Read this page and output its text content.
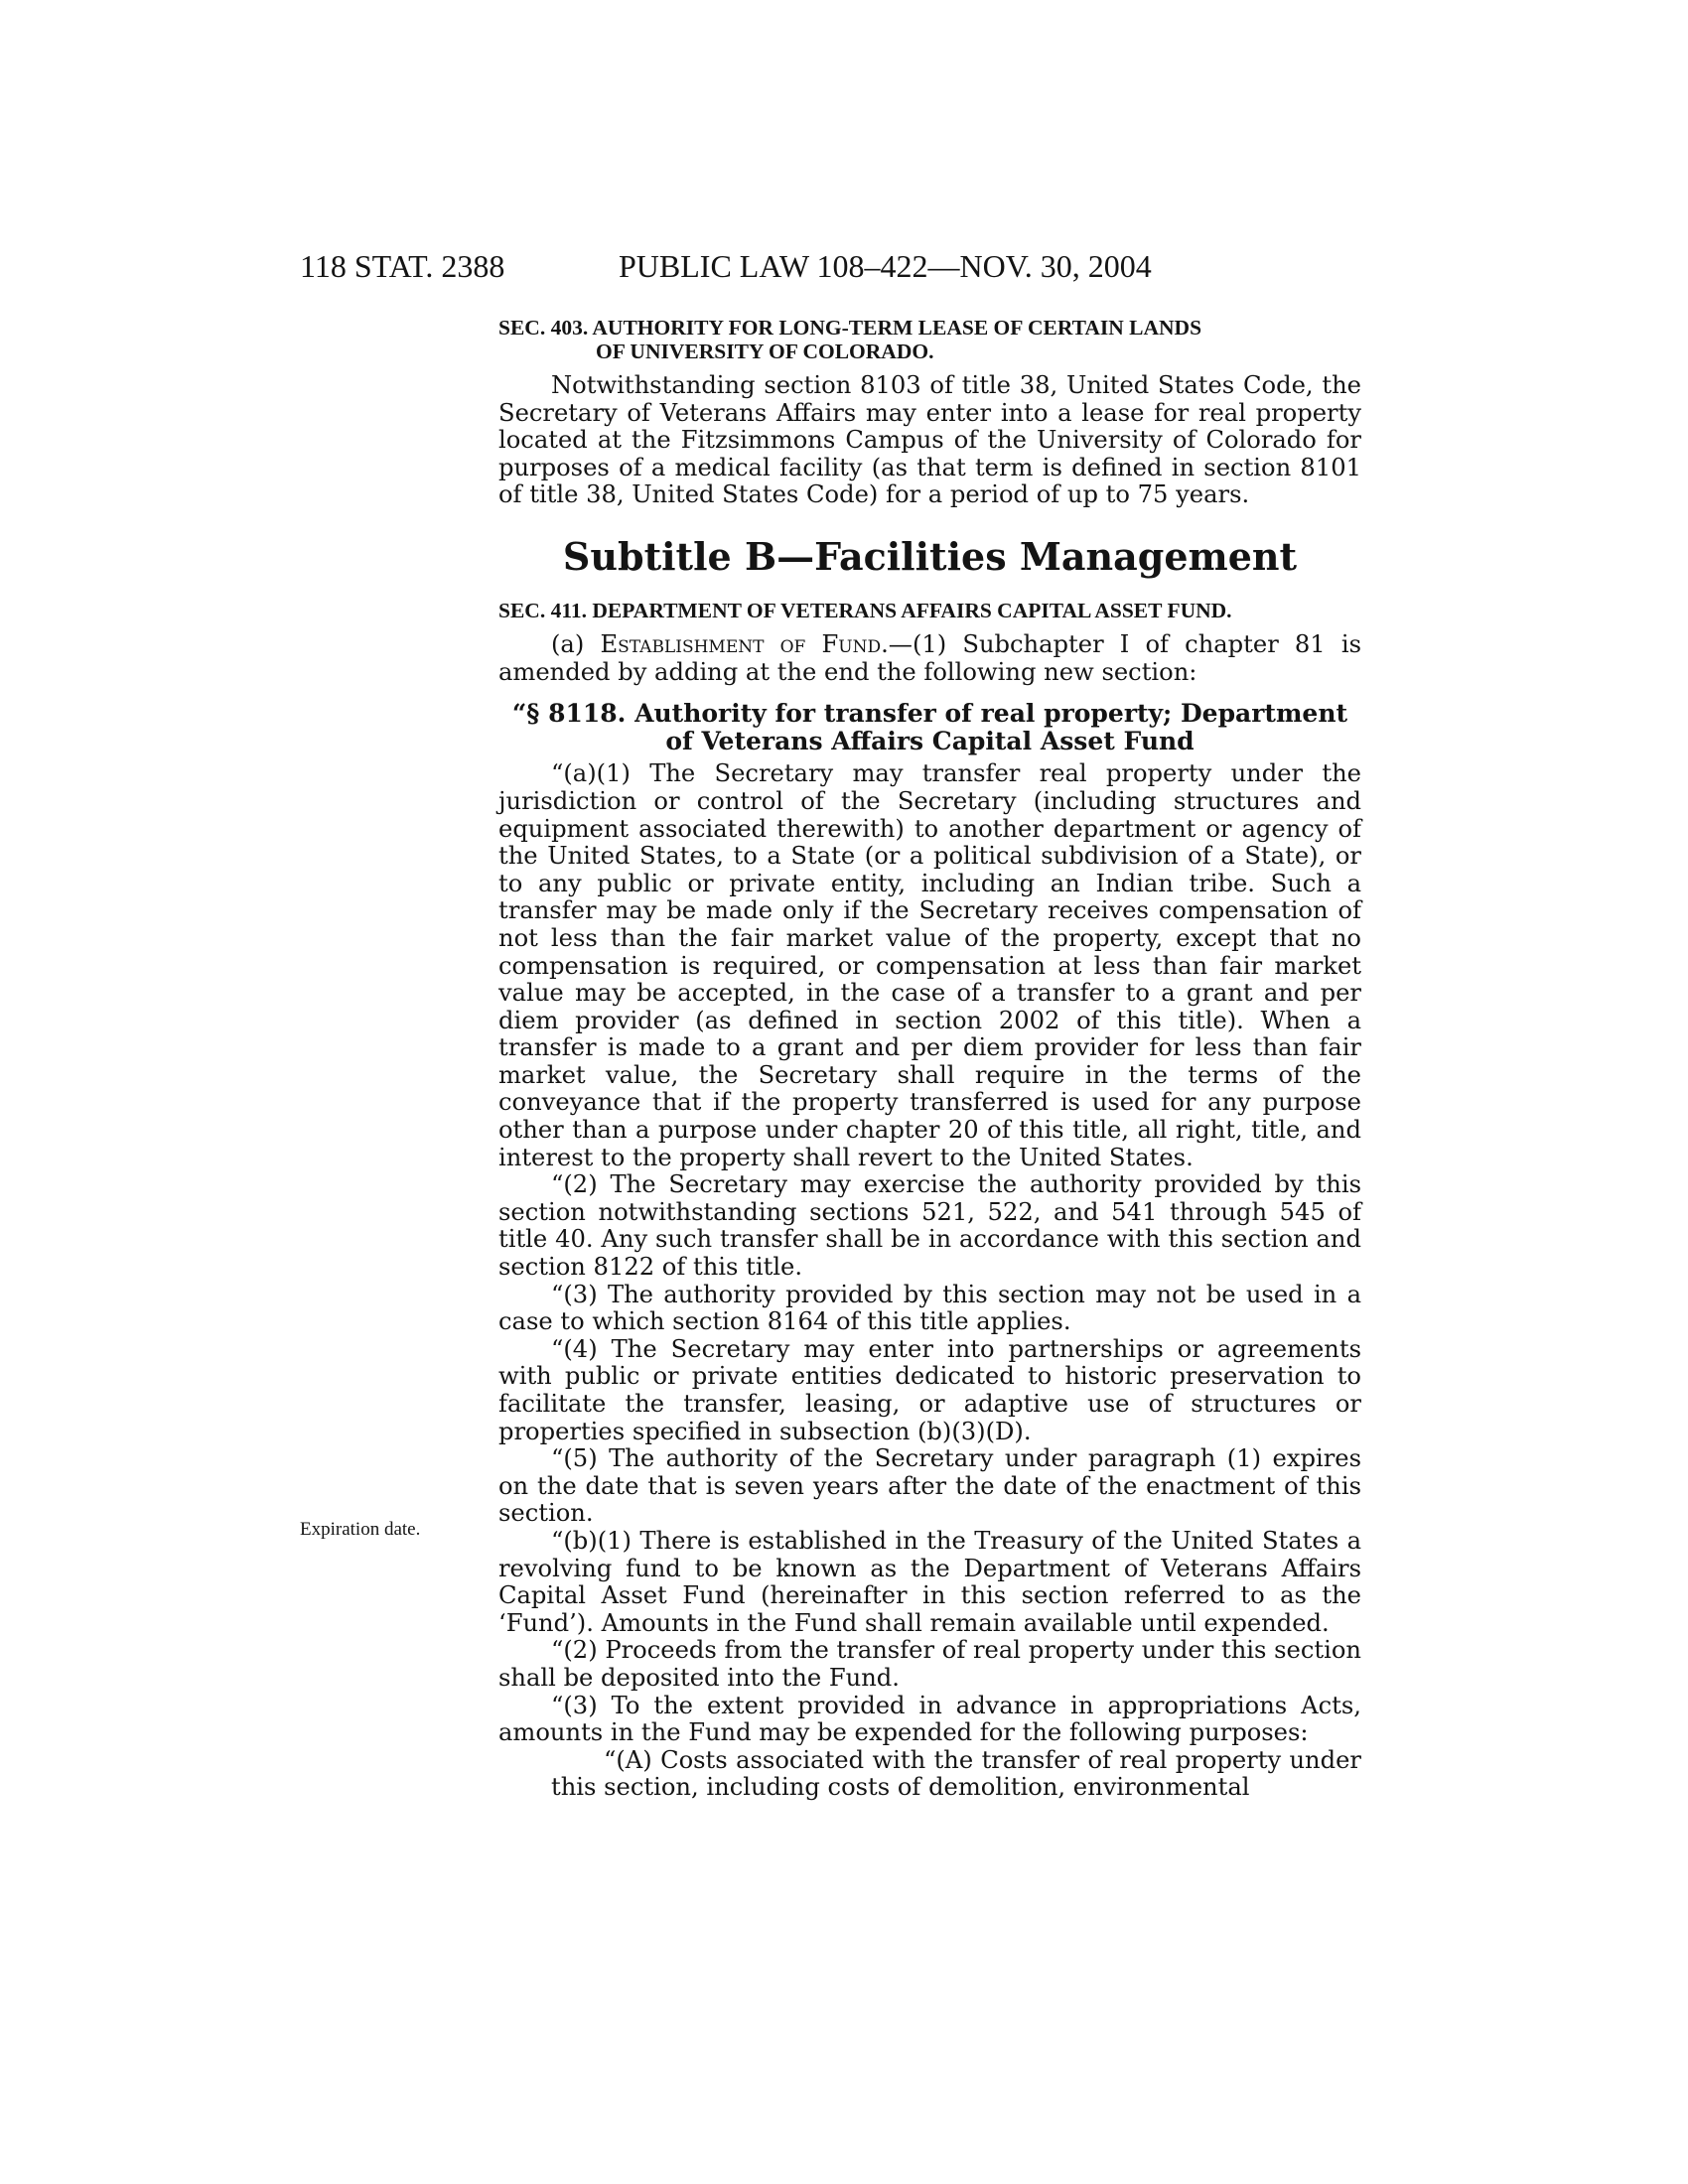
118 STAT. 2388	PUBLIC LAW 108–422—NOV. 30, 2004
SEC. 403. AUTHORITY FOR LONG-TERM LEASE OF CERTAIN LANDS
OF UNIVERSITY OF COLORADO.

Notwithstanding section 8103 of title 38, United States Code, the Secretary of Veterans Affairs may enter into a lease for real property located at the Fitzsimmons Campus of the University of Colorado for purposes of a medical facility (as that term is defined in section 8101 of title 38, United States Code) for a period of up to 75 years.

Subtitle B—Facilities Management
SEC. 411. DEPARTMENT OF VETERANS AFFAIRS CAPITAL ASSET FUND.

(a) Establishment of Fund.—(1) Subchapter I of chapter 81 is amended by adding at the end the following new section:

“§ 8118. Authority for transfer of real property; Department
of Veterans Affairs Capital Asset Fund

“(a)(1) The Secretary may transfer real property under the jurisdiction or control of the Secretary (including structures and equipment associated therewith) to another department or agency of the United States, to a State (or a political subdivision of a State), or to any public or private entity, including an Indian tribe. Such a transfer may be made only if the Secretary receives compensation of not less than the fair market value of the property, except that no compensation is required, or compensation at less than fair market value may be accepted, in the case of a transfer to a grant and per diem provider (as defined in section 2002 of this title). When a transfer is made to a grant and per diem provider for less than fair market value, the Secretary shall require in the terms of the conveyance that if the property transferred is used for any purpose other than a purpose under chapter 20 of this title, all right, title, and interest to the property shall revert to the United States.

“(2) The Secretary may exercise the authority provided by this section notwithstanding sections 521, 522, and 541 through 545 of title 40. Any such transfer shall be in accordance with this section and section 8122 of this title.

“(3) The authority provided by this section may not be used in a case to which section 8164 of this title applies.

“(4) The Secretary may enter into partnerships or agreements with public or private entities dedicated to historic preservation to facilitate the transfer, leasing, or adaptive use of structures or properties specified in subsection (b)(3)(D).

“(5) The authority of the Secretary under paragraph (1) expires on the date that is seven years after the date of the enactment of this section.

“(b)(1) There is established in the Treasury of the United States a revolving fund to be known as the Department of Veterans Affairs Capital Asset Fund (hereinafter in this section referred to as the ‘Fund’). Amounts in the Fund shall remain available until expended.

“(2) Proceeds from the transfer of real property under this section shall be deposited into the Fund.

“(3) To the extent provided in advance in appropriations Acts, amounts in the Fund may be expended for the following purposes:

“(A) Costs associated with the transfer of real property under this section, including costs of demolition, environmental

Expiration date.
